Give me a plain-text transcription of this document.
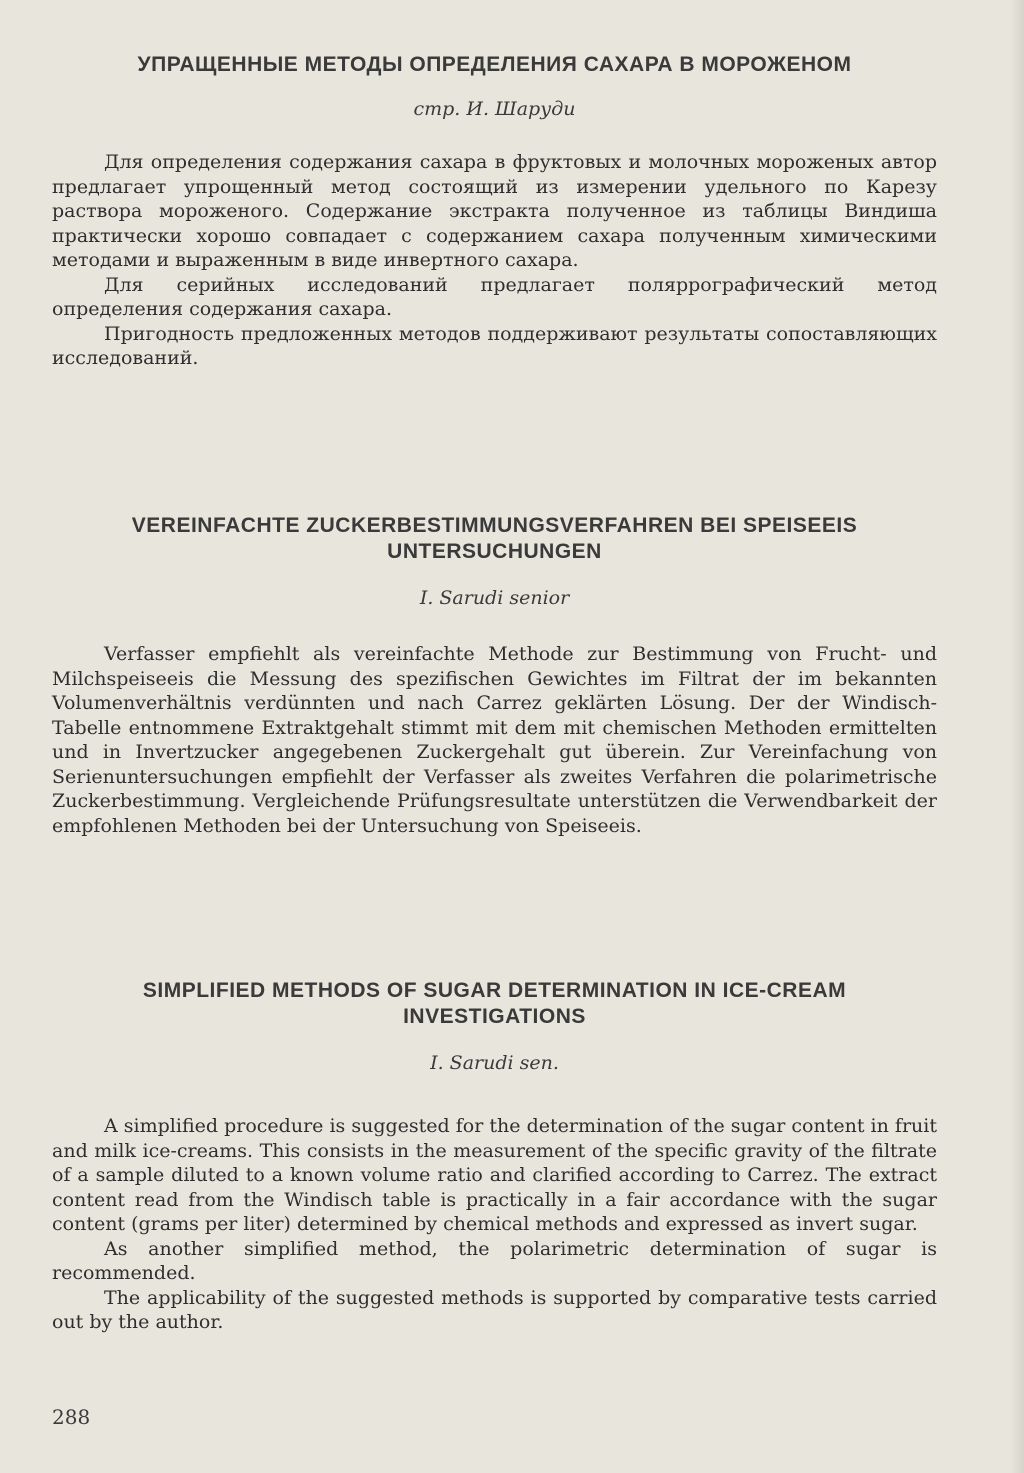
УПРАЩЕННЫЕ МЕТОДЫ ОПРЕДЕЛЕНИЯ САХАРА В МОРОЖЕНОМ

стр. И. Шаруди

Для определения содержания сахара в фруктовых и молочных мороженых автор предлагает упрощенный метод состоящий из измерении удельного по Карезу раствора мороженого. Содержание экстракта полученное из таблицы Виндиша практически хорошо совпадает с содержанием сахара полученным химическими методами и выраженным в виде инвертного сахара.

Для серийных исследований предлагает поляррографический метод определения содержания сахара.

Пригодность предложенных методов поддерживают результаты сопоставляющих исследований.

VEREINFACHTE ZUCKERBESTIMMUNGSVERFAHREN BEI SPEISEEIS UNTERSUCHUNGEN

I. Sarudi senior

Verfasser empfiehlt als vereinfachte Methode zur Bestimmung von Frucht- und Milchspeiseeis die Messung des spezifischen Gewichtes im Filtrat der im bekannten Volumenverhältnis verdünnten und nach Carrez geklärten Lösung. Der der Windisch-Tabelle entnommene Extraktgehalt stimmt mit dem mit chemischen Methoden ermittelten und in Invertzucker angegebenen Zuckergehalt gut überein. Zur Vereinfachung von Serienuntersuchungen empfiehlt der Verfasser als zweites Verfahren die polarimetrische Zuckerbestimmung. Vergleichende Prüfungsresultate unterstützen die Verwendbarkeit der empfohlenen Methoden bei der Untersuchung von Speiseeis.

SIMPLIFIED METHODS OF SUGAR DETERMINATION IN ICE-CREAM INVESTIGATIONS

I. Sarudi sen.

A simplified procedure is suggested for the determination of the sugar content in fruit and milk ice-creams. This consists in the measurement of the specific gravity of the filtrate of a sample diluted to a known volume ratio and clarified according to Carrez. The extract content read from the Windisch table is practically in a fair accordance with the sugar content (grams per liter) determined by chemical methods and expressed as invert sugar.

As another simplified method, the polarimetric determination of sugar is recommended.

The applicability of the suggested methods is supported by comparative tests carried out by the author.

288
